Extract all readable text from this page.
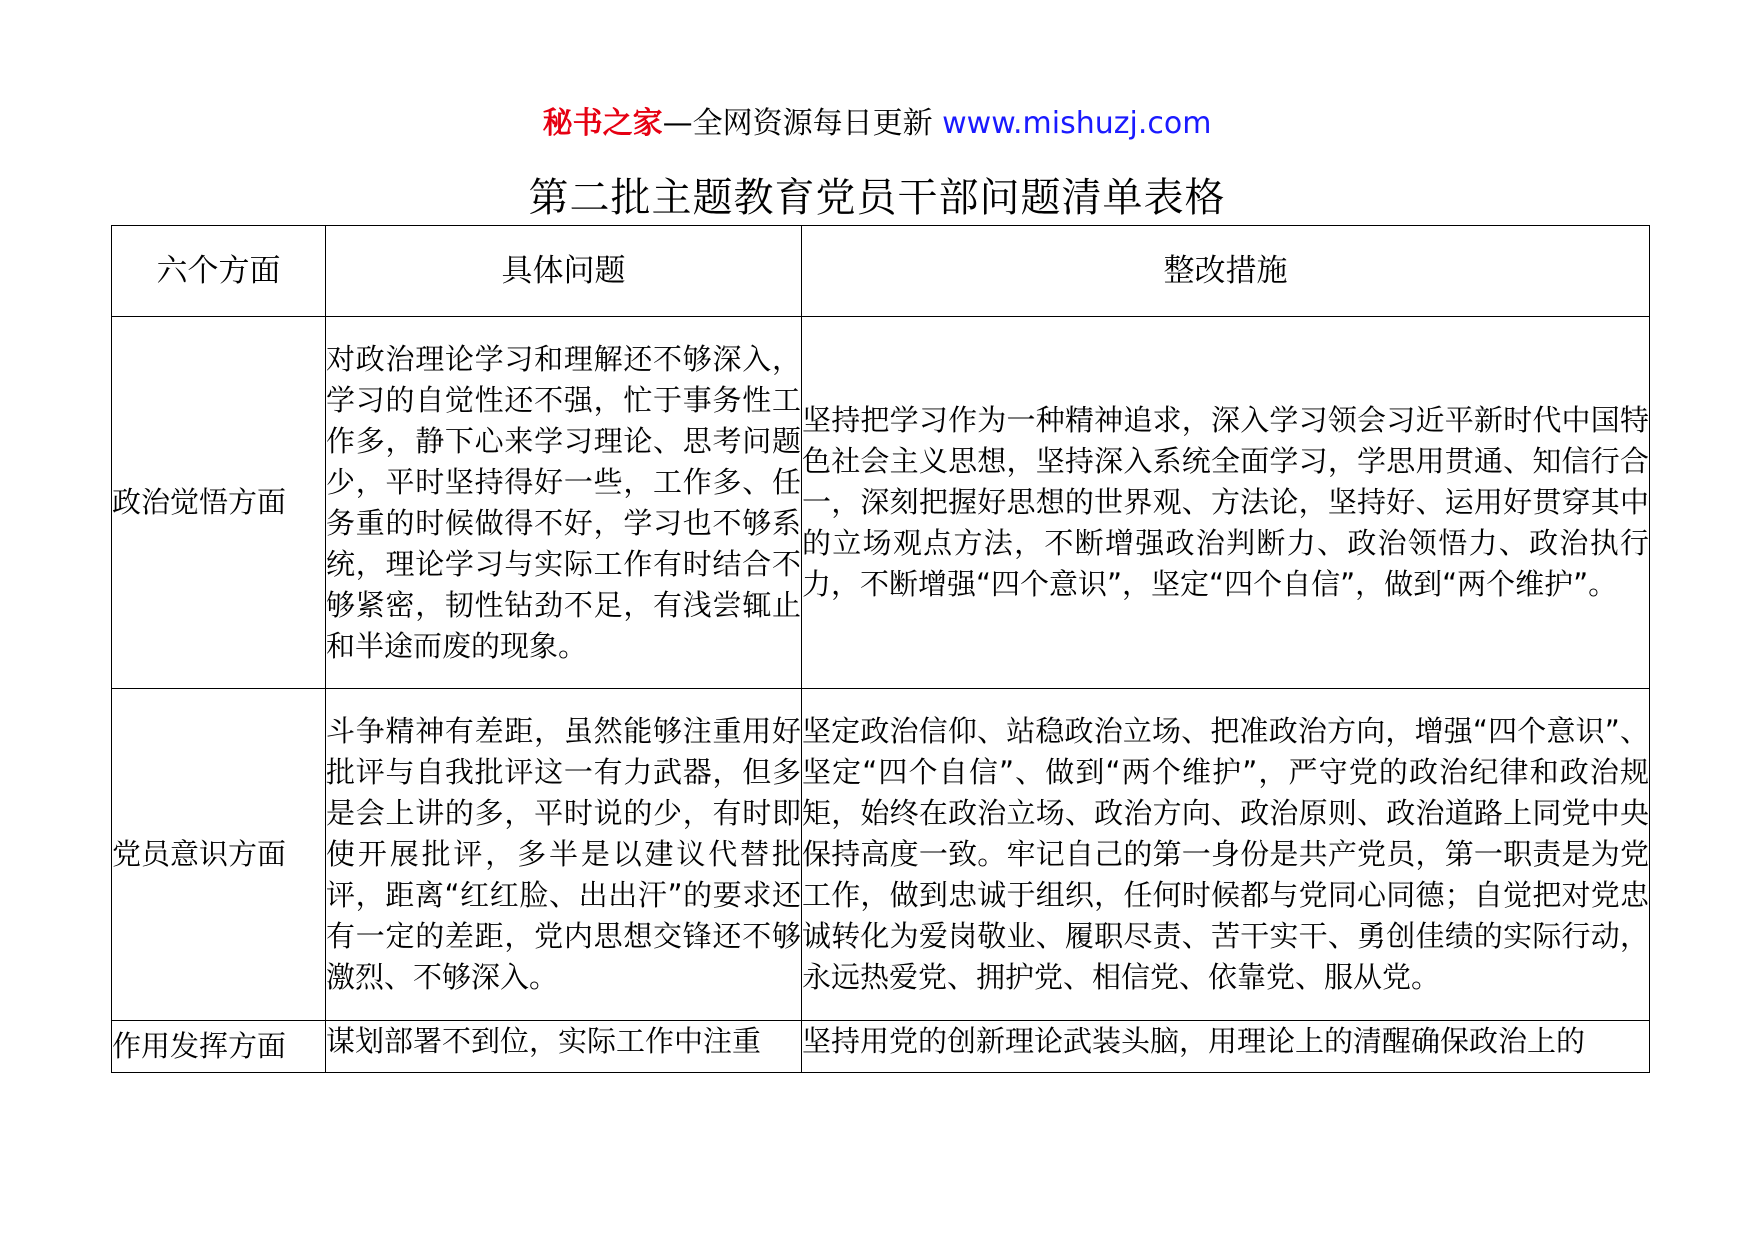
秘书之家—全网资源每日更新 www.mishuzj.com
第二批主题教育党员干部问题清单表格
六个方面	具体问题	整改措施
政治觉悟方面	对政治理论学习和理解还不够深入，学习的自觉性还不强，忙于事务性工作多，静下心来学习理论、思考问题少，平时坚持得好一些，工作多、任务重的时候做得不好，学习也不够系统，理论学习与实际工作有时结合不够紧密，韧性钻劲不足，有浅尝辄止和半途而废的现象。	坚持把学习作为一种精神追求，深入学习领会习近平新时代中国特色社会主义思想，坚持深入系统全面学习，学思用贯通、知信行合一，深刻把握好思想的世界观、方法论，坚持好、运用好贯穿其中的立场观点方法，不断增强政治判断力、政治领悟力、政治执行力，不断增强“四个意识”，坚定“四个自信”，做到“两个维护”。
党员意识方面	斗争精神有差距，虽然能够注重用好批评与自我批评这一有力武器，但多是会上讲的多，平时说的少，有时即使开展批评，多半是以建议代替批评，距离“红红脸、出出汗”的要求还有一定的差距，党内思想交锋还不够激烈、不够深入。	坚定政治信仰、站稳政治立场、把准政治方向，增强“四个意识”、坚定“四个自信”、做到“两个维护”，严守党的政治纪律和政治规矩，始终在政治立场、政治方向、政治原则、政治道路上同党中央保持高度一致。牢记自己的第一身份是共产党员，第一职责是为党工作，做到忠诚于组织，任何时候都与党同心同德；自觉把对党忠诚转化为爱岗敬业、履职尽责、苦干实干、勇创佳绩的实际行动，永远热爱党、拥护党、相信党、依靠党、服从党。
作用发挥方面	谋划部署不到位，实际工作中注重	坚持用党的创新理论武装头脑，用理论上的清醒确保政治上的
